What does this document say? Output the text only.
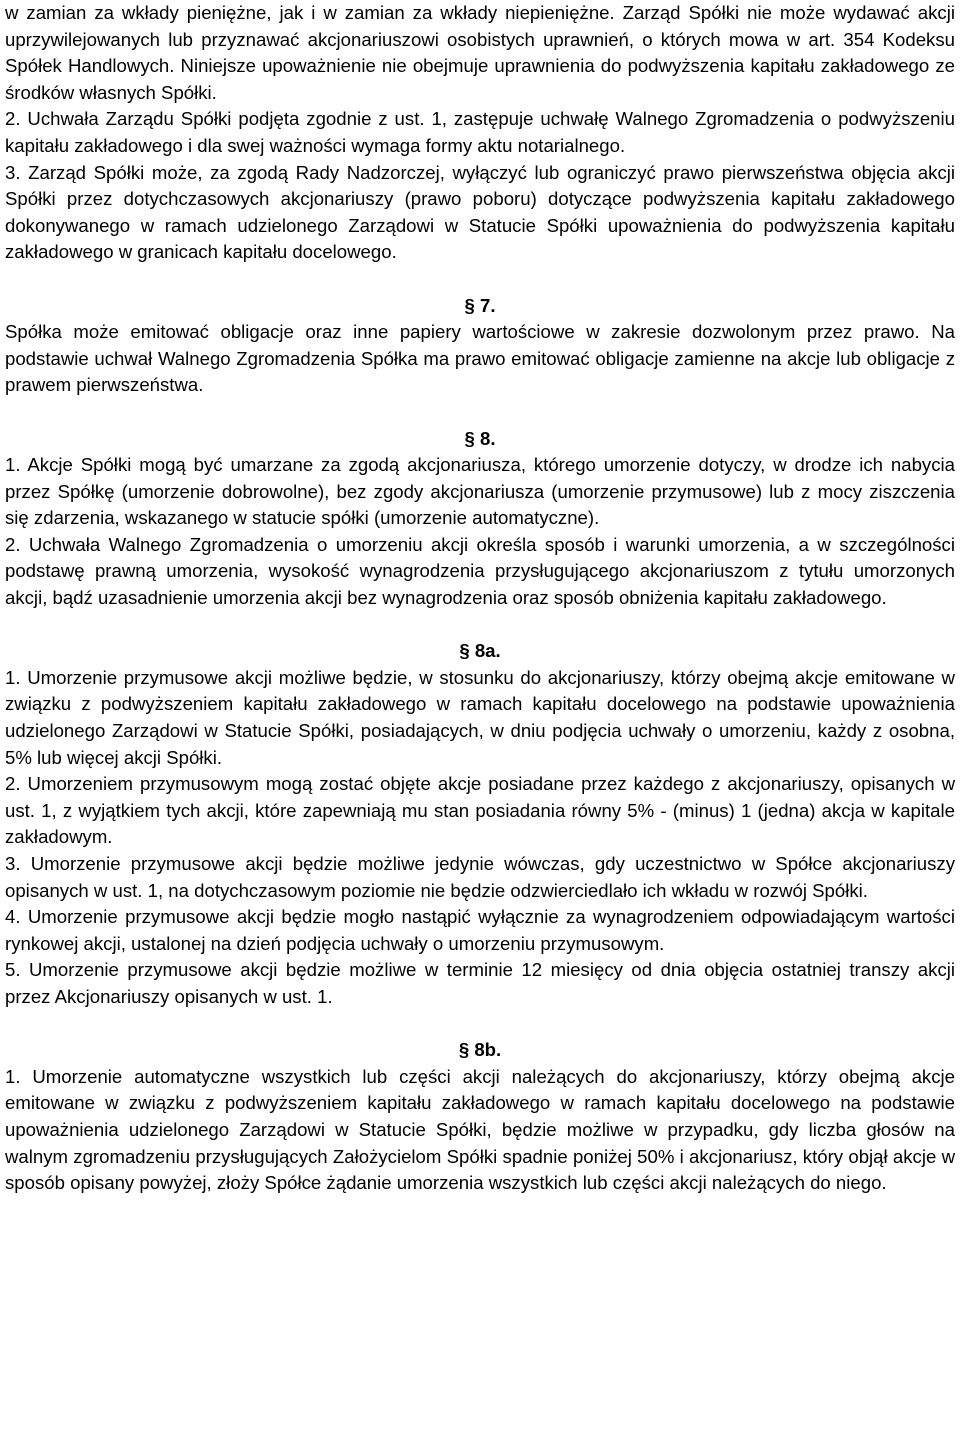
w zamian za wkłady pieniężne, jak i w zamian za wkłady niepieniężne. Zarząd Spółki nie może wydawać akcji uprzywilejowanych lub przyznawać akcjonariuszowi osobistych uprawnień, o których mowa w art. 354 Kodeksu Spółek Handlowych. Niniejsze upoważnienie nie obejmuje uprawnienia do podwyższenia kapitału zakładowego ze środków własnych Spółki.

2. Uchwała Zarządu Spółki podjęta zgodnie z ust. 1, zastępuje uchwałę Walnego Zgromadzenia o podwyższeniu kapitału zakładowego i dla swej ważności wymaga formy aktu notarialnego.

3. Zarząd Spółki może, za zgodą Rady Nadzorczej, wyłączyć lub ograniczyć prawo pierwszeństwa objęcia akcji Spółki przez dotychczasowych akcjonariuszy (prawo poboru) dotyczące podwyższenia kapitału zakładowego dokonywanego w ramach udzielonego Zarządowi w Statucie Spółki upoważnienia do podwyższenia kapitału zakładowego w granicach kapitału docelowego.

§ 7.

Spółka może emitować obligacje oraz inne papiery wartościowe w zakresie dozwolonym przez prawo. Na podstawie uchwał Walnego Zgromadzenia Spółka ma prawo emitować obligacje zamienne na akcje lub obligacje z prawem pierwszeństwa.

§ 8.

1. Akcje Spółki mogą być umarzane za zgodą akcjonariusza, którego umorzenie dotyczy, w drodze ich nabycia przez Spółkę (umorzenie dobrowolne), bez zgody akcjonariusza (umorzenie przymusowe) lub z mocy ziszczenia się zdarzenia, wskazanego w statucie spółki (umorzenie automatyczne).

2. Uchwała Walnego Zgromadzenia o umorzeniu akcji określa sposób i warunki umorzenia, a w szczególności podstawę prawną umorzenia, wysokość wynagrodzenia przysługującego akcjonariuszom z tytułu umorzonych akcji, bądź uzasadnienie umorzenia akcji bez wynagrodzenia oraz sposób obniżenia kapitału zakładowego.

§ 8a.

1. Umorzenie przymusowe akcji możliwe będzie, w stosunku do akcjonariuszy, którzy obejmą akcje emitowane w związku z podwyższeniem kapitału zakładowego w ramach kapitału docelowego na podstawie upoważnienia udzielonego Zarządowi w Statucie Spółki, posiadających, w dniu podjęcia uchwały o umorzeniu, każdy z osobna, 5% lub więcej akcji Spółki.

2. Umorzeniem przymusowym mogą zostać objęte akcje posiadane przez każdego z akcjonariuszy, opisanych w ust. 1, z wyjątkiem tych akcji, które zapewniają mu stan posiadania równy 5% - (minus) 1 (jedna) akcja w kapitale zakładowym.

3. Umorzenie przymusowe akcji będzie możliwe jedynie wówczas, gdy uczestnictwo w Spółce akcjonariuszy opisanych w ust. 1, na dotychczasowym poziomie nie będzie odzwierciedlało ich wkładu w rozwój Spółki.

4. Umorzenie przymusowe akcji będzie mogło nastąpić wyłącznie za wynagrodzeniem odpowiadającym wartości rynkowej akcji, ustalonej na dzień podjęcia uchwały o umorzeniu przymusowym.

5. Umorzenie przymusowe akcji będzie możliwe w terminie 12 miesięcy od dnia objęcia ostatniej transzy akcji przez Akcjonariuszy opisanych w ust. 1.

§ 8b.

1. Umorzenie automatyczne wszystkich lub części akcji należących do akcjonariuszy, którzy obejmą akcje emitowane w związku z podwyższeniem kapitału zakładowego w ramach kapitału docelowego na podstawie upoważnienia udzielonego Zarządowi w Statucie Spółki, będzie możliwe w przypadku, gdy liczba głosów na walnym zgromadzeniu przysługujących Założycielom Spółki spadnie poniżej 50% i akcjonariusz, który objął akcje w sposób opisany powyżej, złoży Spółce żądanie umorzenia wszystkich lub części akcji należących do niego.
